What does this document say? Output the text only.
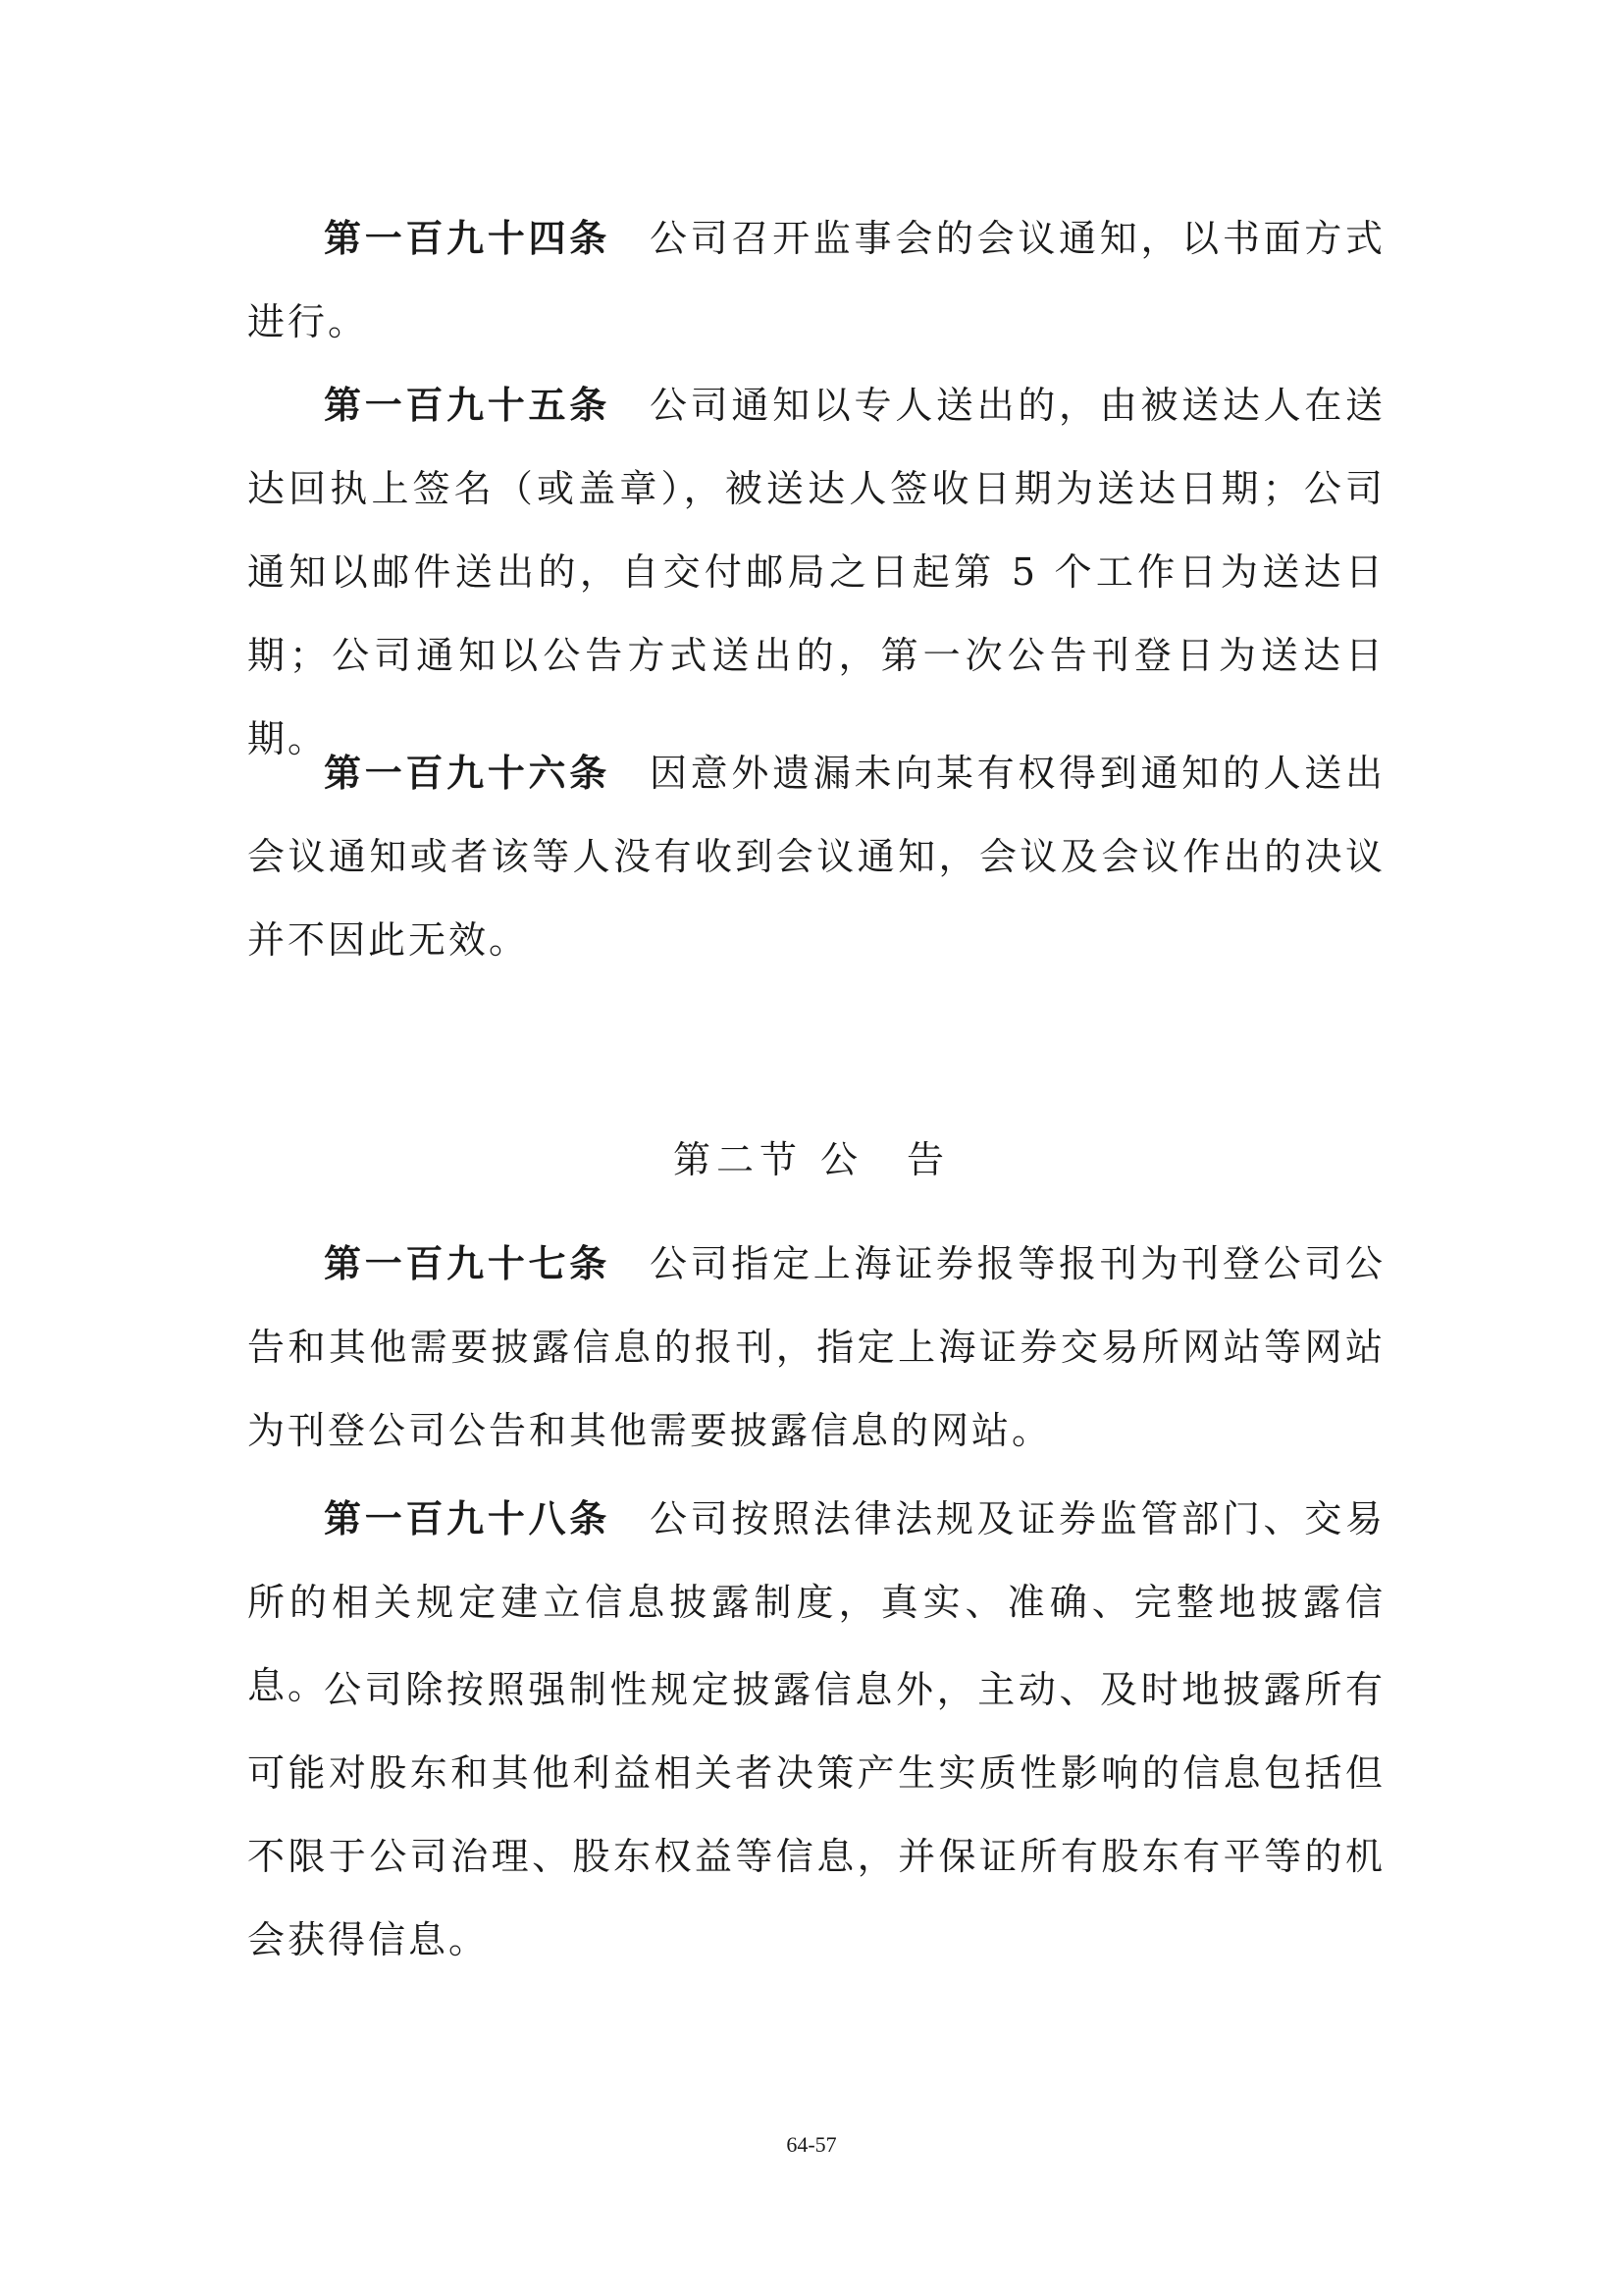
第一百九十四条 公司召开监事会的会议通知，以书面方式进行。

第一百九十五条 公司通知以专人送出的，由被送达人在送达回执上签名（或盖章），被送达人签收日期为送达日期；公司通知以邮件送出的，自交付邮局之日起第 5 个工作日为送达日期；公司通知以公告方式送出的，第一次公告刊登日为送达日期。

第一百九十六条 因意外遗漏未向某有权得到通知的人送出会议通知或者该等人没有收到会议通知，会议及会议作出的决议并不因此无效。

第二节 公　告

第一百九十七条 公司指定上海证券报等报刊为刊登公司公告和其他需要披露信息的报刊，指定上海证券交易所网站等网站为刊登公司公告和其他需要披露信息的网站。

第一百九十八条 公司按照法律法规及证券监管部门、交易所的相关规定建立信息披露制度，真实、准确、完整地披露信息。

公司除按照强制性规定披露信息外，主动、及时地披露所有可能对股东和其他利益相关者决策产生实质性影响的信息包括但不限于公司治理、股东权益等信息，并保证所有股东有平等的机会获得信息。

64-57
